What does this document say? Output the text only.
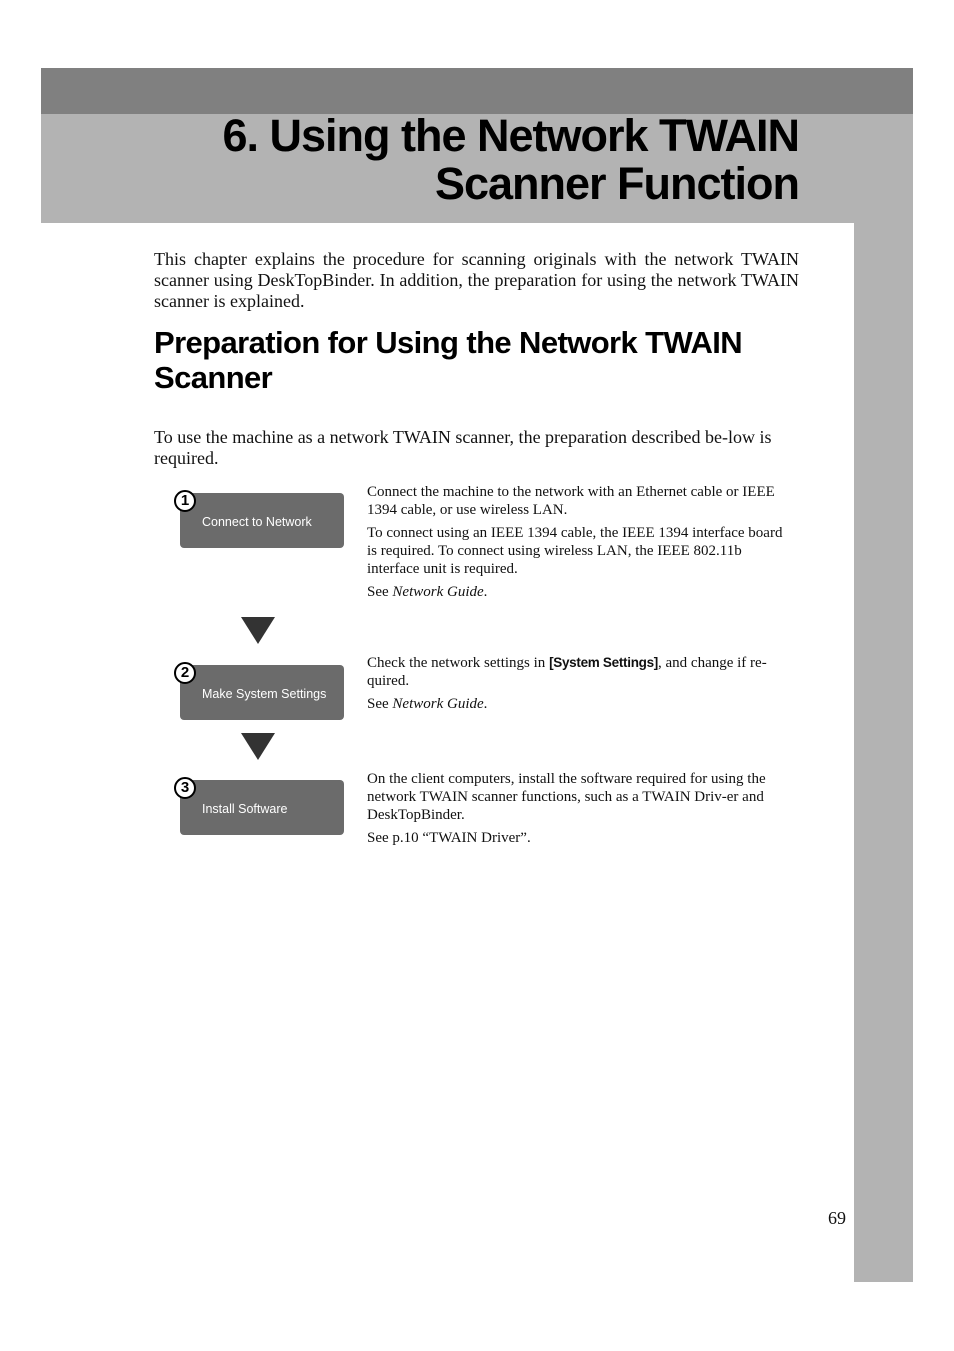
6. Using the Network TWAIN
Scanner Function

This chapter explains the procedure for scanning originals with the network TWAIN scanner using DeskTopBinder. In addition, the preparation for using the network TWAIN scanner is explained.

Preparation for Using the Network TWAIN Scanner

To use the machine as a network TWAIN scanner, the preparation described be-low is required.

Connect to Network
1	Connect the machine to the network with an Ethernet cable or IEEE 1394 cable, or use wireless LAN.

To connect using an IEEE 1394 cable, the IEEE 1394 interface board is required. To connect using wireless LAN, the IEEE 802.11b interface unit is required.

See Network Guide.

Make System Settings
2

Check the network settings in [System Settings], and change if re-quired.

See Network Guide.

Install Software
3	On the client computers, install the software required for using the network TWAIN scanner functions, such as a TWAIN Driv-er and DeskTopBinder.

See p.10 “TWAIN Driver”.

69
